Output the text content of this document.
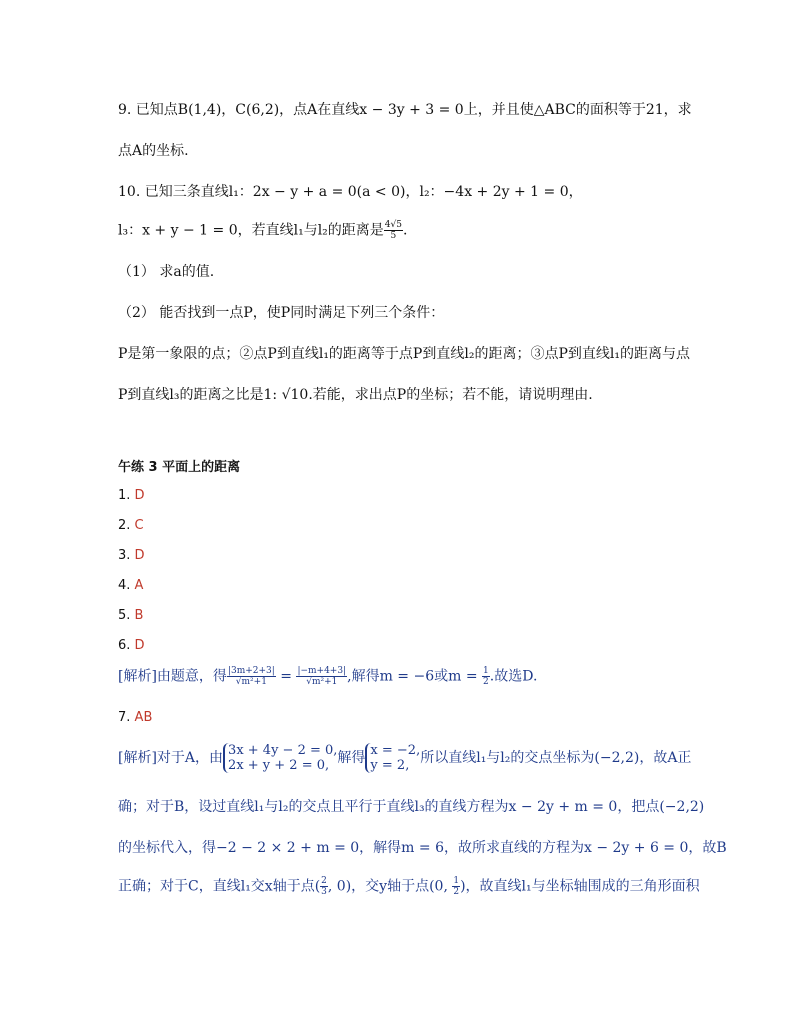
9. 已知点B(1,4)，C(6,2)，点A在直线x − 3y + 3 = 0上，并且使△ABC的面积等于21，求
点A的坐标.
10. 已知三条直线l₁：2x − y + a = 0(a < 0)，l₂：−4x + 2y + 1 = 0，
l₃：x + y − 1 = 0，若直线l₁与l₂的距离是 $\frac{4√5}{5}$ .
（1） 求a的值.
（2） 能否找到一点P，使P同时满足下列三个条件：
P是第一象限的点；②点P到直线l₁的距离等于点P到直线l₂的距离；③点P到直线l₁的距离与点
P到直线l₃的距离之比是1: √10.若能，求出点P的坐标；若不能，请说明理由.
午练 3 平面上的距离
1. D
2. C
3. D
4. A
5. B
6. D
[解析]由题意，得 $\frac{|3m+2+3|}{\text{√m²+1}} = \frac{|-m+4+3|}{\text{√m²+1}}$ ,解得m = −6或$m = \frac{1}{2}$ .故选D.
7. AB
[解析]对于A，由 3x + 4y − 2 = 0,
2x + y + 2 = 0, 解得 x = −2,
y = 2, 所以直线l₁与l₂的交点坐标为(−2,2)，故A正
确；对于B，设过直线l₁与l₂的交点且平行于直线l₃的直线方程为x − 2y + m = 0，把点(−2,2)
的坐标代入，得−2 − 2 × 2 + m = 0，解得m = 6，故所求直线的方程为x − 2y + 6 = 0，故B
正确；对于C，直线l₁交x轴于点( $\frac{2}{3}$ , 0)，交y轴于点(0, $\frac{1}{2}$ )，故直线l₁与坐标轴围成的三角形面积
